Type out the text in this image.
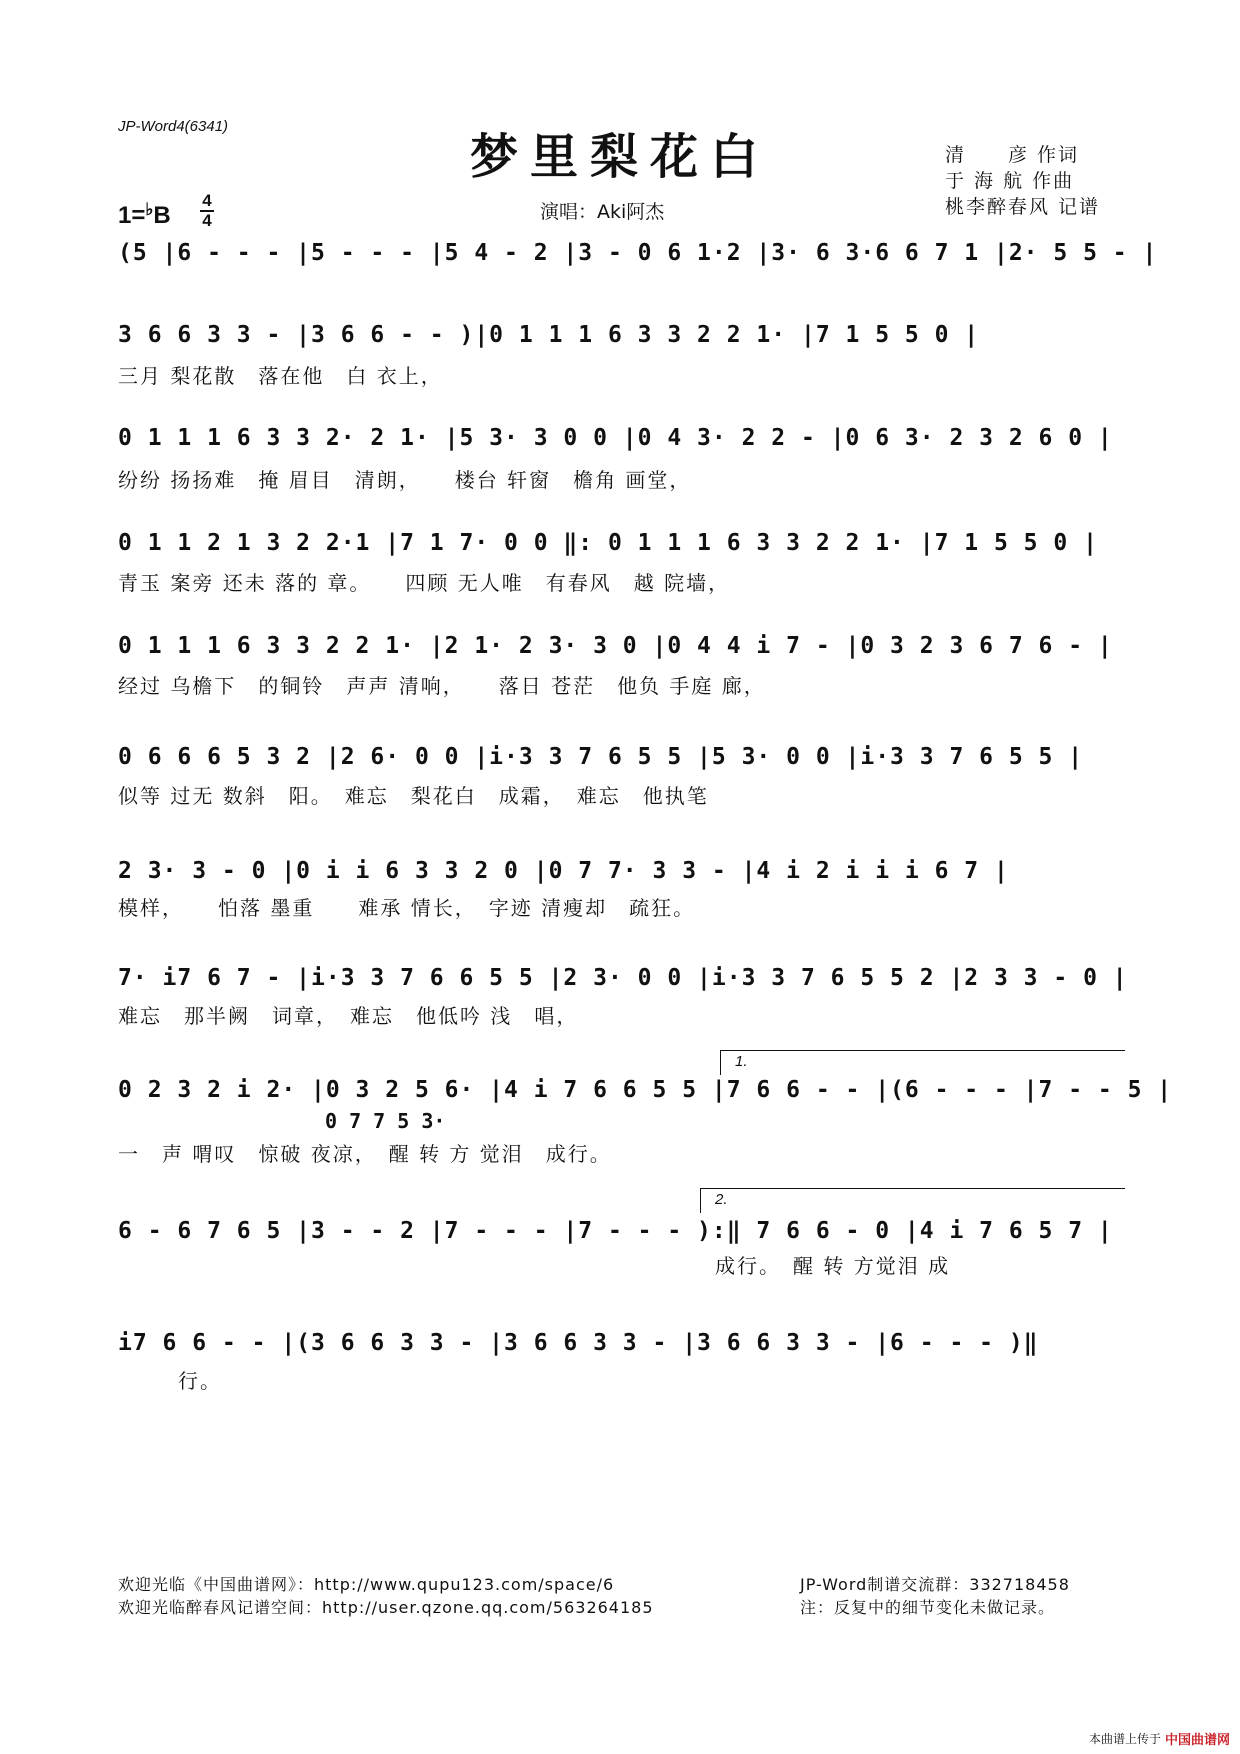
JP-Word4(6341)
梦里梨花白	清　　彦 作词
于 海 航 作曲
桃李醉春风 记谱
1=♭B
4
4	演唱：Aki阿杰
(5 |6 - - - |5 - - - |5 4 - 2 |3 - 0 6 1·2 |3· 6 3·6 6 7 1 |2· 5 5 - |
3 6 6 3 3 - |3 6 6 - - )|0 1 1 1 6 3 3 2 2 1· |7 1 5 5 0 |
三月 梨花散　落在他　白 衣上，
0 1 1 1 6 3 3 2· 2 1· |5 3· 3 0 0 |0 4 3· 2 2 - |0 6 3· 2 3 2 6 0 |
纷纷 扬扬难　掩 眉目　清朗，　　楼台 轩窗　檐角 画堂，
0 1 1 2 1 3 2 2·1 |7 1 7· 0 0 ‖: 0 1 1 1 6 3 3 2 2 1· |7 1 5 5 0 |
青玉 案旁 还未 落的 章。　　四顾 无人唯　有春风　越 院墙，
0 1 1 1 6 3 3 2 2 1· |2 1· 2 3· 3 0 |0 4 4 i 7 - |0 3 2 3 6 7 6 - |
经过 乌檐下　的铜铃　声声 清响，　　落日 苍茫　他负 手庭 廊，
0 6 6 6 5 3 2 |2 6· 0 0 |i·3 3 7 6 5 5 |5 3· 0 0 |i·3 3 7 6 5 5 |
似等 过无 数斜　阳。　难忘　梨花白　成霜，　难忘　他执笔
2 3· 3 - 0 |0 i i 6 3 3 2 0 |0 7 7· 3 3 - |4 i 2 i i i 6 7 |
模样，　　怕落 墨重　　难承 情长，　字迹 清瘦却　疏狂。
7· i7 6 7 - |i·3 3 7 6 6 5 5 |2 3· 0 0 |i·3 3 7 6 5 5 2 |2 3 3 - 0 |
难忘　那半阙　词章，　难忘　他低吟 浅　唱，
1.
0 2 3 2 i 2· |0 3 2 5 6· |4 i 7 6 6 5 5 |7 6 6 - - |(6 - - - |7 - - 5 |
0 7 7 5 3·
一　声 喟叹　惊破 夜凉，　醒 转 方 觉泪　成行。
2.
6 - 6 7 6 5 |3 - - 2 |7 - - - |7 - - - ):‖ 7 6 6 - 0 |4 i 7 6 5 7 |
成行。　醒 转 方觉泪 成
i7 6 6 - - |(3 6 6 3 3 - |3 6 6 3 3 - |3 6 6 3 3 - |6 - - - )‖
行。
欢迎光临《中国曲谱网》：http://www.qupu123.com/space/6
欢迎光临醉春风记谱空间：http://user.qzone.qq.com/563264185
JP-Word制谱交流群：332718458
注：反复中的细节变化未做记录。
本曲谱上传于 中国曲谱网
